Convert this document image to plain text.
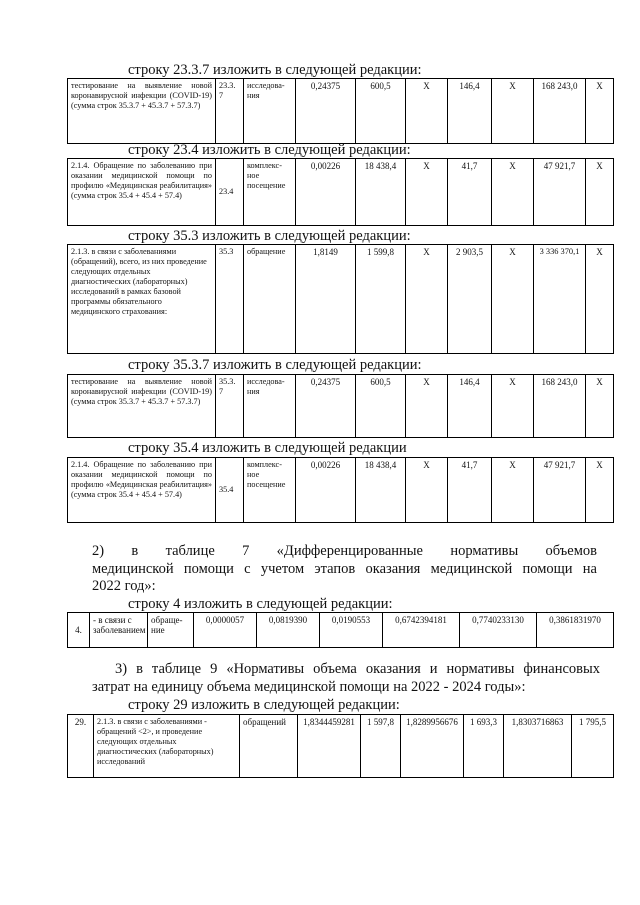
строку 23.3.7 изложить в следующей редакции:
тестирование на выявление новой коронавирусной инфекции (COVID-19) (сумма строк 35.3.7 + 45.3.7 + 57.3.7)	23.3.
7	исследова-
ния	0,24375	600,5	X	146,4	X	168 243,0	X
строку 23.4 изложить в следующей редакции:
2.1.4. Обращение по заболеванию при оказании медицинской помощи по профилю «Медицинская реабилитация» (сумма строк 35.4 + 45.4 + 57.4)	23.4	комплекс-
ное
посещение	0,00226	18 438,4	X	41,7	X	47 921,7	X
строку 35.3 изложить в следующей редакции:
2.1.3. в связи с заболеваниями (обращений), всего, из них проведение следующих отдельных диагностических (лабораторных) исследований в рамках базовой программы обязательного медицинского страхования:	35.3	обращение	1,8149	1 599,8	X	2 903,5	X	3 336 370,1	X
строку 35.3.7 изложить в следующей редакции:
тестирование на выявление новой коронавирусной инфекции (COVID-19) (сумма строк 35.3.7 + 45.3.7 + 57.3.7)	35.3.
7	исследова-
ния	0,24375	600,5	X	146,4	X	168 243,0	X
строку 35.4 изложить в следующей редакции
2.1.4. Обращение по заболеванию при оказании медицинской помощи по профилю «Медицинская реабилитация» (сумма строк 35.4 + 45.4 + 57.4)	35.4	комплекс-
ное
посещение	0,00226	18 438,4	X	41,7	X	47 921,7	X
2)   в   таблице   7   «Дифференцированные   нормативы   объемов
медицинской помощи с учетом этапов оказания медицинской помощи на
2022 год»:
строку 4 изложить в следующей редакции:
4.	- в связи с
заболеванием	обраще-
ние	0,0000057	0,0819390	0,0190553	0,6742394181	0,7740233130	0,3861831970
3) в таблице 9 «Нормативы объема оказания и нормативы финансовых
затрат на единицу объема медицинской помощи на 2022 - 2024 годы»:
строку 29 изложить в следующей редакции:
29.	2.1.3. в связи с заболеваниями - обращений <2>, и проведение следующих отдельных диагностических (лабораторных) исследований	обращений	1,8344459281	1 597,8	1,8289956676	1 693,3	1,8303716863	1 795,5
